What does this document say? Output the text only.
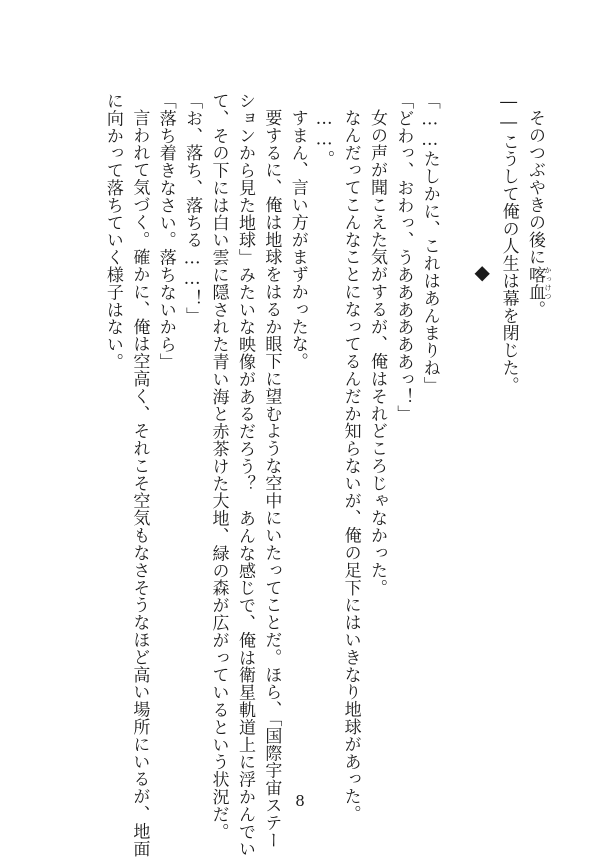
そのつぶやきの後に喀血 かっけつ。
――こうして俺の人生は幕を閉じた。
◆
「……たしかに、これはあんまりね」
「どわっ、おわっ、うああああああっ！」
女の声が聞こえた気がするが、俺はそれどころじゃなかった。
なんだってこんなことになってるんだか知らないが、俺の足下にはいきなり地球があった。
……。
すまん、言い方がまずかったな。
要するに、俺は地球をはるか眼下に望むような空中にいたってことだ。ほら、「国際宇宙ステー
ションから見た地球」みたいな映像があるだろう？　あんな感じで、俺は衛星軌道上に浮かんでい
て、その下には白い雲に隠された青い海と赤茶けた大地、緑の森が広がっているという状況だ。
「お、落ち、落ちる……！」
「落ち着きなさい。落ちないから」
言われて気づく。確かに、俺は空高く、それこそ空気もなさそうなほど高い場所にいるが、地面
に向かって落ちていく様子はない。
8
